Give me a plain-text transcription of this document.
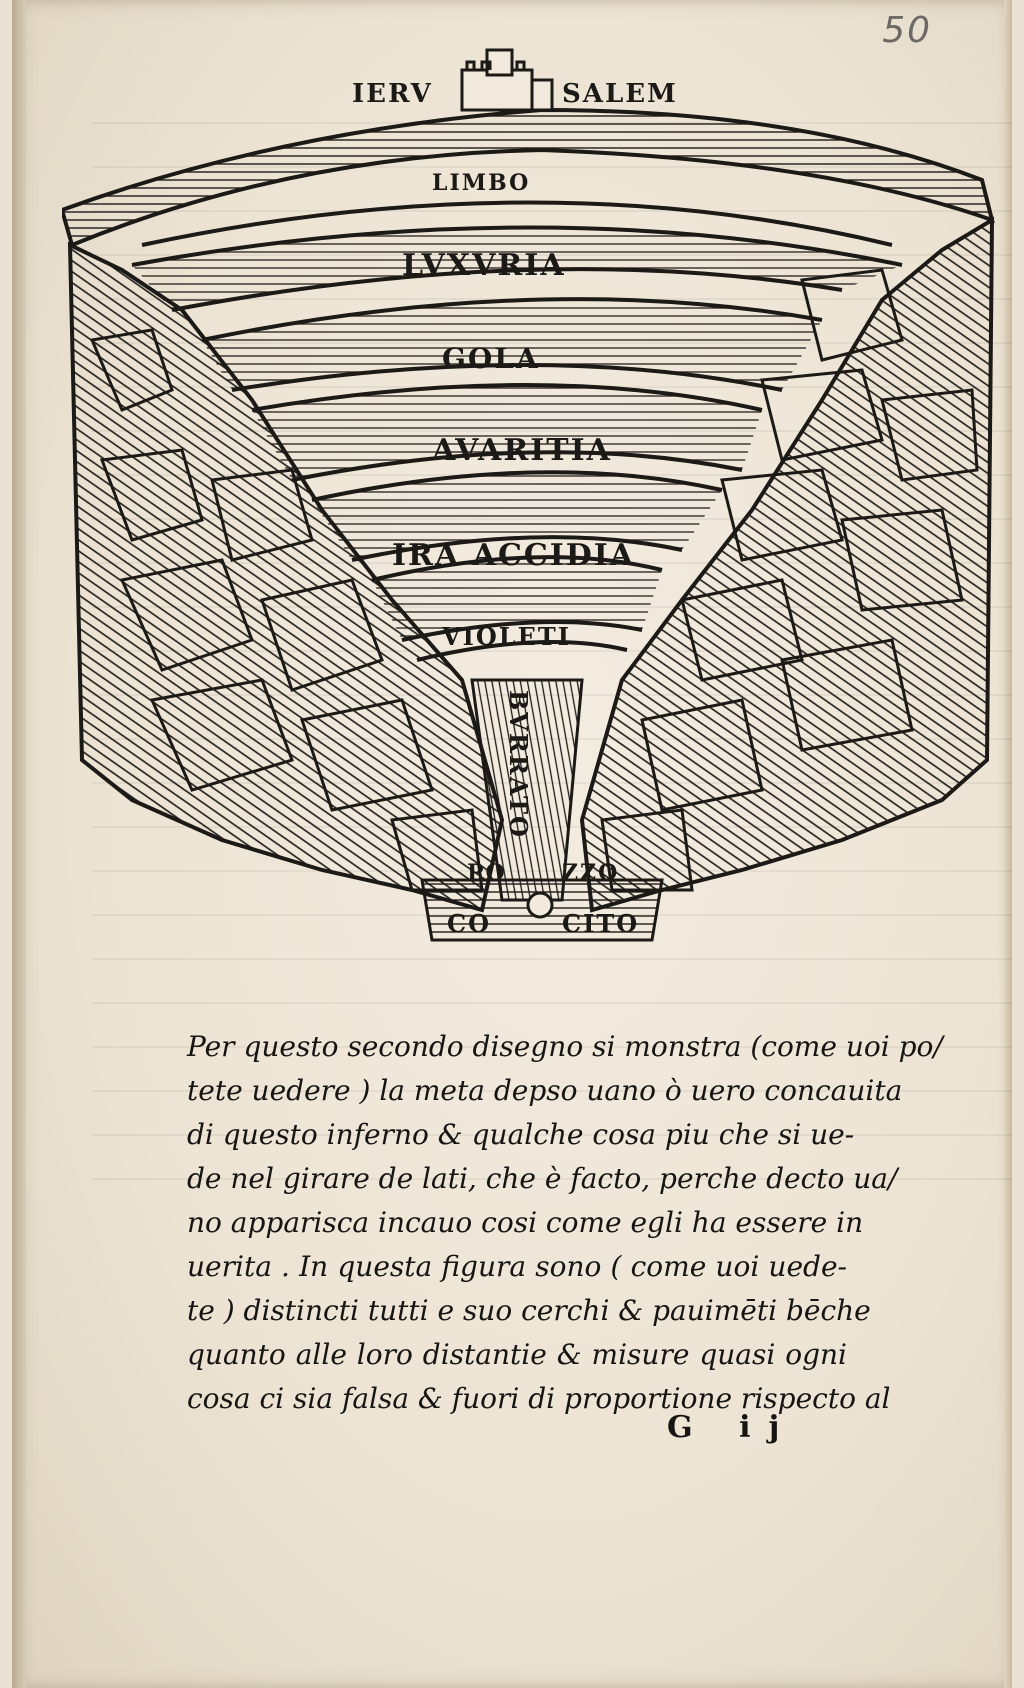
50
IERV	SALEM
LIMBO
LVXVRIA
GOLA
AVARITIA
IRA ACCIDIA
VIOLETI
BVRRATO
PO	ZZO
CO	CITO
Per questo secondo disegno si monstra (come uoi po/
tete uedere ) la meta depso uano ò uero concauita
di questo inferno & qualche cosa piu che si ue-
de nel girare de lati, che è facto, perche decto ua/
no apparisca incauo cosi come egli ha essere in
uerita . In questa figura sono ( come uoi uede-
te ) distincti tutti e suo cerchi & pauimēti bēche
quanto alle loro distantie & misure quasi ogni
cosa ci sia falsa & fuori di proportione rispecto al
G ij
